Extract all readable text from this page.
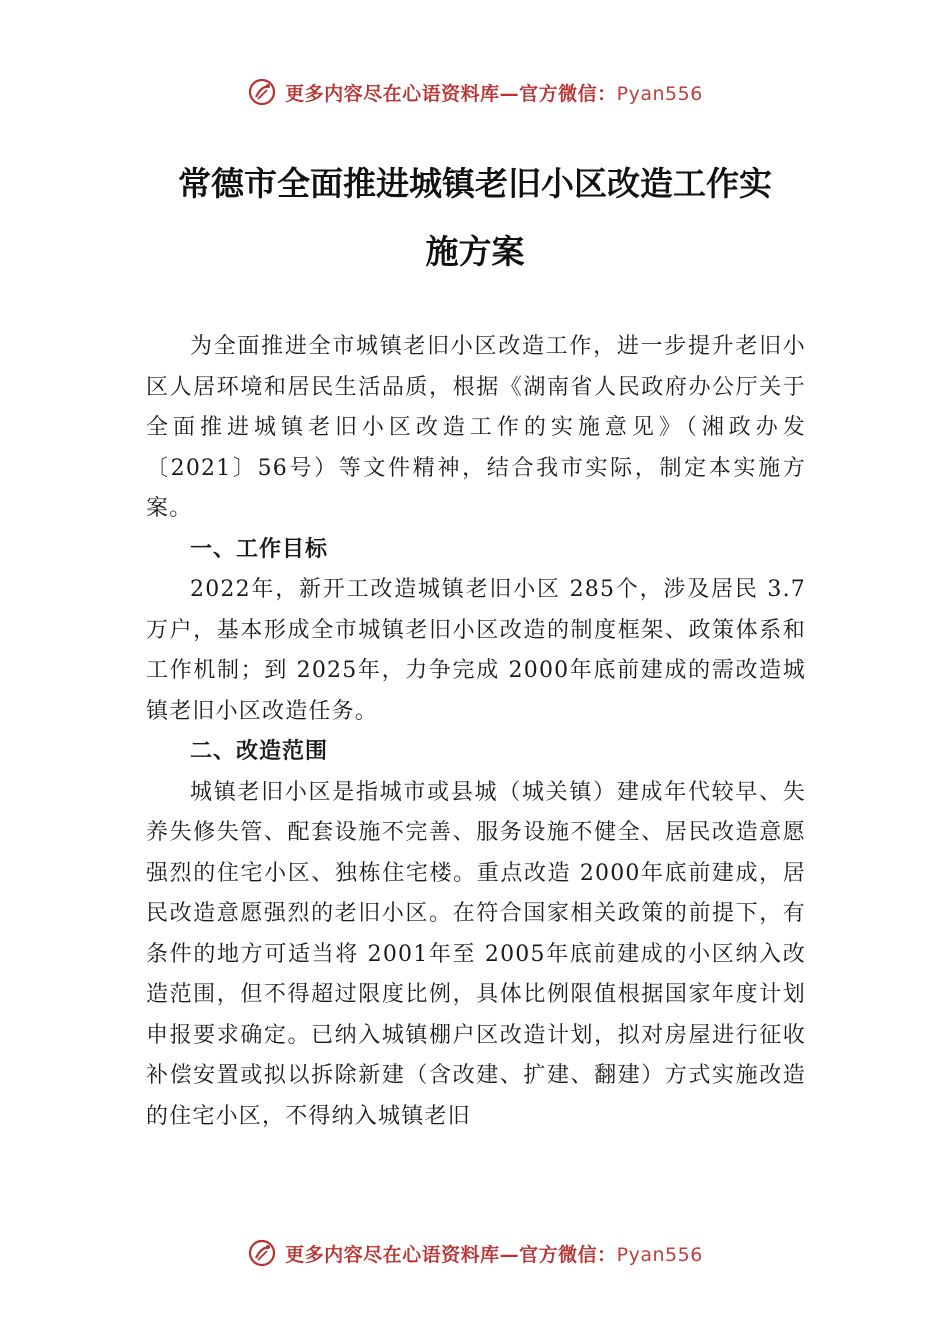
更多内容尽在心语资料库—官方微信：Pyan556
常德市全面推进城镇老旧小区改造工作实
施方案

为全面推进全市城镇老旧小区改造工作，进一步提升老旧小区人居环境和居民生活品质，根据《湖南省人民政府办公厅关于全面推进城镇老旧小区改造工作的实施意见》（湘政办发〔2021〕56号）等文件精神，结合我市实际，制定本实施方案。

一、工作目标

2022年，新开工改造城镇老旧小区 285个，涉及居民 3.7万户，基本形成全市城镇老旧小区改造的制度框架、政策体系和工作机制；到 2025年，力争完成 2000年底前建成的需改造城镇老旧小区改造任务。

二、改造范围

城镇老旧小区是指城市或县城（城关镇）建成年代较早、失养失修失管、配套设施不完善、服务设施不健全、居民改造意愿强烈的住宅小区、独栋住宅楼。重点改造 2000年底前建成，居民改造意愿强烈的老旧小区。在符合国家相关政策的前提下，有条件的地方可适当将 2001年至 2005年底前建成的小区纳入改造范围，但不得超过限度比例，具体比例限值根据国家年度计划申报要求确定。已纳入城镇棚户区改造计划，拟对房屋进行征收补偿安置或拟以拆除新建（含改建、扩建、翻建）方式实施改造的住宅小区，不得纳入城镇老旧

更多内容尽在心语资料库—官方微信：Pyan556
